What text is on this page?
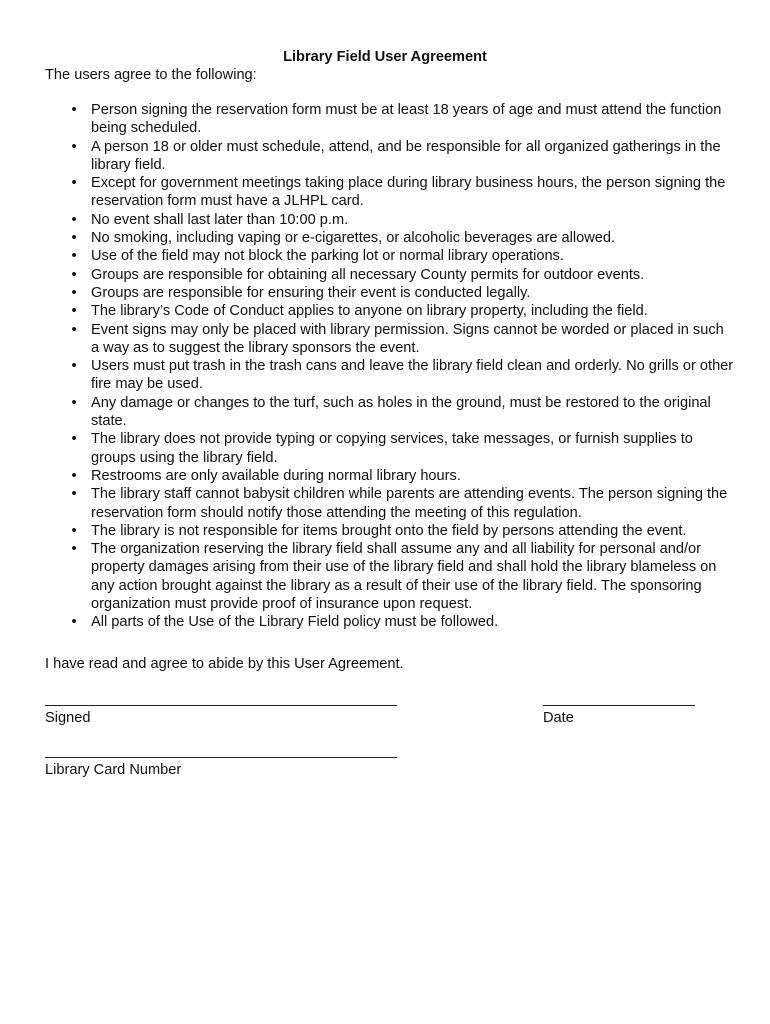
Library Field User Agreement
The users agree to the following:
• Person signing the reservation form must be at least 18 years of age and must attend the function being scheduled.
• A person 18 or older must schedule, attend, and be responsible for all organized gatherings in the library field.
• Except for government meetings taking place during library business hours, the person signing the reservation form must have a JLHPL card.
• No event shall last later than 10:00 p.m.
• No smoking, including vaping or e-cigarettes, or alcoholic beverages are allowed.
• Use of the field may not block the parking lot or normal library operations.
• Groups are responsible for obtaining all necessary County permits for outdoor events.
• Groups are responsible for ensuring their event is conducted legally.
• The library’s Code of Conduct applies to anyone on library property, including the field.
• Event signs may only be placed with library permission. Signs cannot be worded or placed in such a way as to suggest the library sponsors the event.
• Users must put trash in the trash cans and leave the library field clean and orderly. No grills or other fire may be used.
• Any damage or changes to the turf, such as holes in the ground, must be restored to the original state.
• The library does not provide typing or copying services, take messages, or furnish supplies to groups using the library field.
• Restrooms are only available during normal library hours.
• The library staff cannot babysit children while parents are attending events. The person signing the reservation form should notify those attending the meeting of this regulation.
• The library is not responsible for items brought onto the field by persons attending the event.
• The organization reserving the library field shall assume any and all liability for personal and/or property damages arising from their use of the library field and shall hold the library blameless on any action brought against the library as a result of their use of the library field. The sponsoring organization must provide proof of insurance upon request.
• All parts of the Use of the Library Field policy must be followed.
I have read and agree to abide by this User Agreement.
Signed	Date
Library Card Number
